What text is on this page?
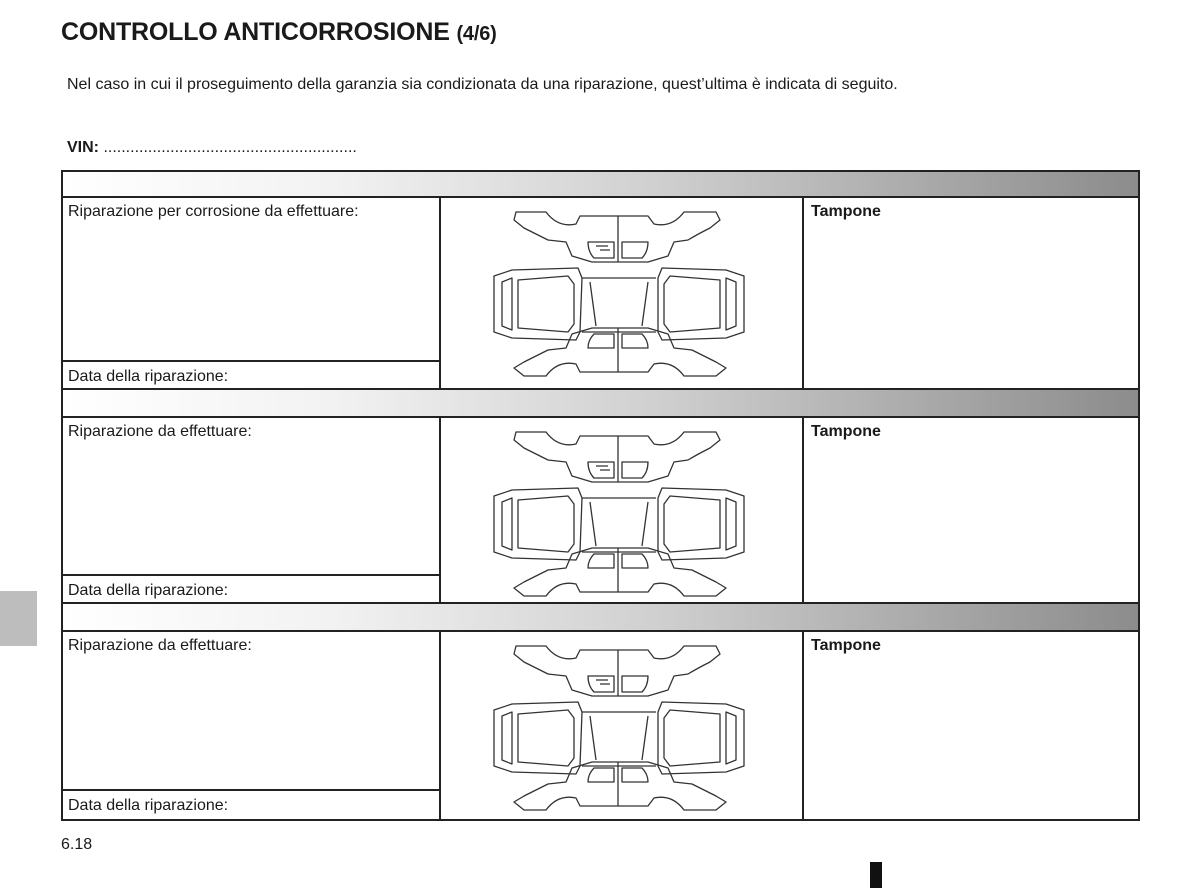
CONTROLLO ANTICORROSIONE (4/6)
Nel caso in cui il proseguimento della garanzia sia condizionata da una riparazione, quest’ultima è indicata di seguito.
VIN: .........................................................
Riparazione per corrosione da effettuare:
Data della riparazione:
Tampone
Riparazione da effettuare:
Data della riparazione:
Tampone
Riparazione da effettuare:
Data della riparazione:
Tampone
6.18
